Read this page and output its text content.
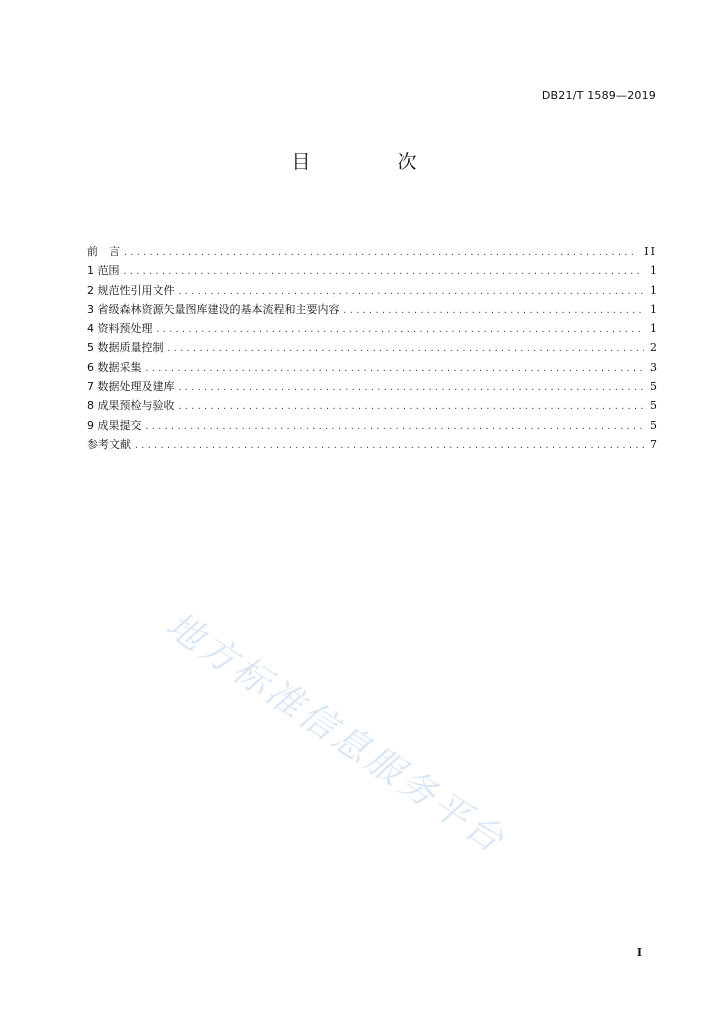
DB21/T 1589—2019
目　次
前　言 .....	II
1 范围 .....	1
2 规范性引用文件 .....	1
3 省级森林资源矢量图库建设的基本流程和主要内容 .....	1
4 资料预处理 .....	1
5 数据质量控制 .....	2
6 数据采集 .....	3
7 数据处理及建库 .....	5
8 成果预检与验收 .....	5
9 成果提交 .....	5
参考文献 .....	7
地方标准信息服务平台
I
